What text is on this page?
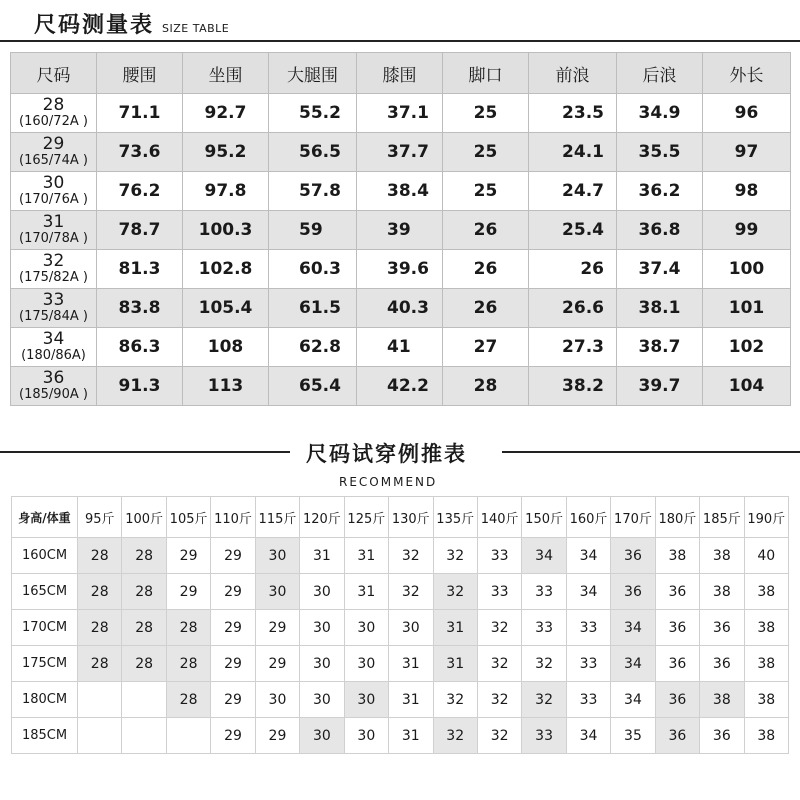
尺码测量表 SIZE TABLE
尺码	腰围	坐围	大腿围	膝围	脚口	前浪	后浪	外长

28
(160/72A )	71.1	92.7	55.2	37.1	25	23.5	34.9	96

29
(165/74A )	73.6	95.2	56.5	37.7	25	24.1	35.5	97

30
(170/76A )	76.2	97.8	57.8	38.4	25	24.7	36.2	98

31
(170/78A )	78.7	100.3	59	39	26	25.4	36.8	99

32
(175/82A )	81.3	102.8	60.3	39.6	26	26	37.4	100

33
(175/84A )	83.8	105.4	61.5	40.3	26	26.6	38.1	101

34
(180/86A)	86.3	108	62.8	41	27	27.3	38.7	102

36
(185/90A )	91.3	113	65.4	42.2	28	38.2	39.7	104
尺码试穿例推表
RECOMMEND
身高/体重	95斤	100斤	105斤	110斤	115斤	120斤	125斤	130斤	135斤	140斤	150斤	160斤	170斤	180斤	185斤	190斤
160CM	28	28	29	29	30	31	31	32	32	33	34	34	36	38	38	40
165CM	28	28	29	29	30	30	31	32	32	33	33	34	36	36	38	38
170CM	28	28	28	29	29	30	30	30	31	32	33	33	34	36	36	38
175CM	28	28	28	29	29	30	30	31	31	32	32	33	34	36	36	38
180CM			28	29	30	30	30	31	32	32	32	33	34	36	38	38
185CM				29	29	30	30	31	32	32	33	34	35	36	36	38
